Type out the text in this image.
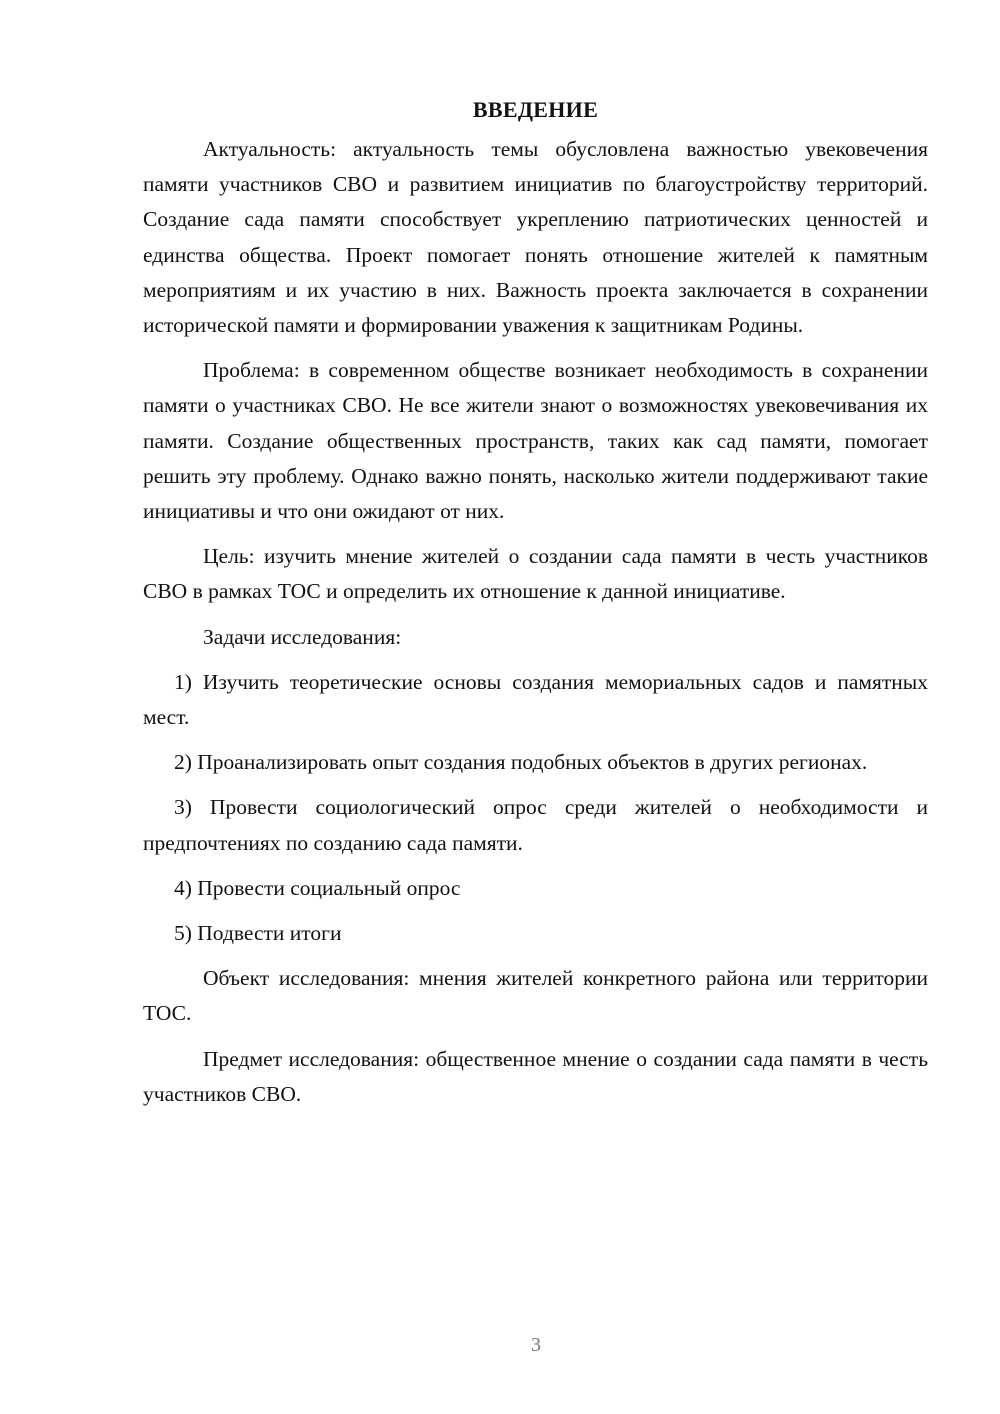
ВВЕДЕНИЕ

Актуальность: актуальность темы обусловлена важностью увековечения памяти участников СВО и развитием инициатив по благоустройству территорий. Создание сада памяти способствует укреплению патриотических ценностей и единства общества. Проект помогает понять отношение жителей к памятным мероприятиям и их участию в них. Важность проекта заключается в сохранении исторической памяти и формировании уважения к защитникам Родины.

Проблема: в современном обществе возникает необходимость в сохранении памяти о участниках СВО. Не все жители знают о возможностях увековечивания их памяти. Создание общественных пространств, таких как сад памяти, помогает решить эту проблему. Однако важно понять, насколько жители поддерживают такие инициативы и что они ожидают от них.

Цель: изучить мнение жителей о создании сада памяти в честь участников СВО в рамках ТОС и определить их отношение к данной инициативе.

Задачи исследования:

1) Изучить теоретические основы создания мемориальных садов и памятных мест.

2) Проанализировать опыт создания подобных объектов в других регионах.

3) Провести социологический опрос среди жителей о необходимости и предпочтениях по созданию сада памяти.

4) Провести социальный опрос

5) Подвести итоги

Объект исследования: мнения жителей конкретного района или территории ТОС.

Предмет исследования: общественное мнение о создании сада памяти в честь участников СВО.

3
